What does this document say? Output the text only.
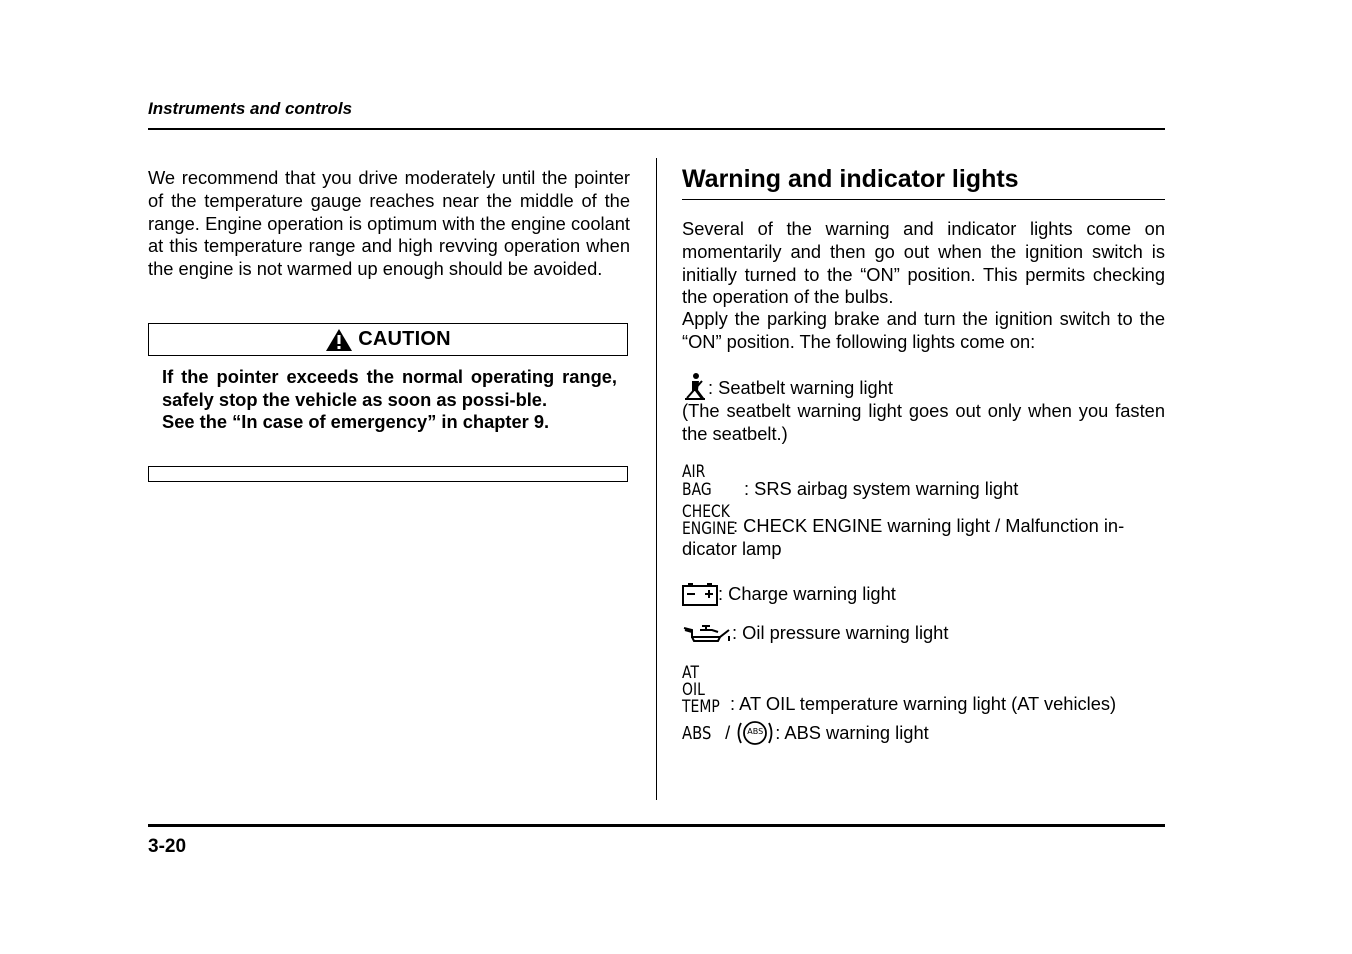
Instruments and controls

We recommend that you drive moderately until the pointer of the temperature gauge reaches near the middle of the range. Engine operation is optimum with the engine coolant at this temperature range and high revving operation when the engine is not warmed up enough should be avoided.

CAUTION

If the pointer exceeds the normal operating range, safely stop the vehicle as soon as possi-ble.

See the “In case of emergency” in chapter 9.

Warning and indicator lights
Several of the warning and indicator lights come on momentarily and then go out when the ignition switch is initially turned to the “ON” position. This permits checking the operation of the bulbs.
Apply the parking brake and turn the ignition switch to the “ON” position. The following lights come on:
: Seatbelt warning light
(The seatbelt warning light goes out only when you fasten the seatbelt.)
AIR BAG	: SRS airbag system warning light
CHECK
ENGINE
: CHECK ENGINE warning light / Malfunction in-
dicator lamp
: Charge warning light
: Oil pressure warning light
AT OIL
TEMP : AT OIL temperature warning light (AT vehicles)
ABS /	ABS : ABS warning light
3-20
